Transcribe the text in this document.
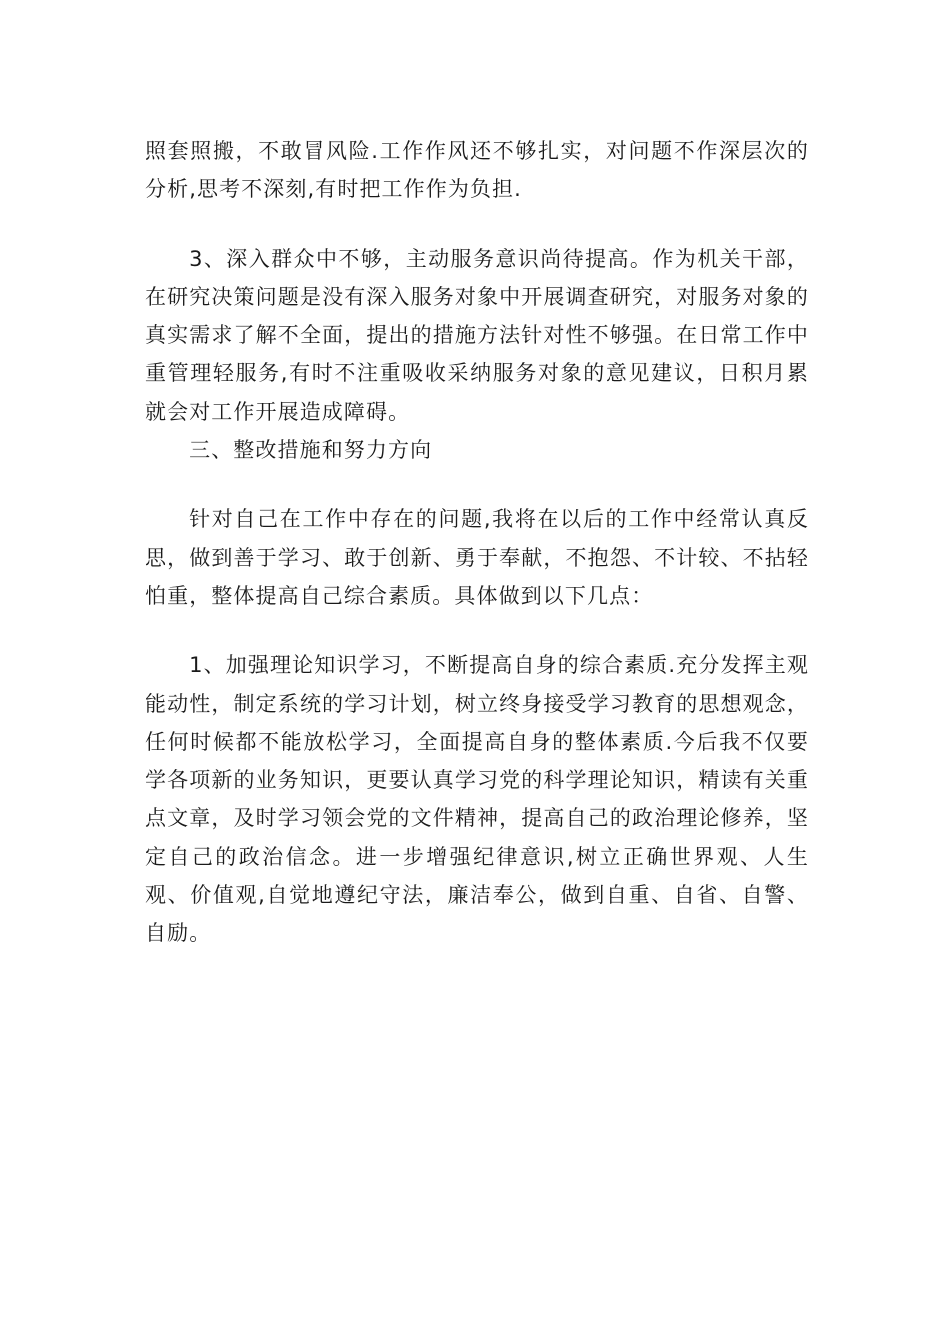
照套照搬，不敢冒风险.工作作风还不够扎实，对问题不作深层次的分析,思考不深刻,有时把工作作为负担.

3、深入群众中不够，主动服务意识尚待提高。作为机关干部，在研究决策问题是没有深入服务对象中开展调查研究，对服务对象的真实需求了解不全面，提出的措施方法针对性不够强。在日常工作中重管理轻服务,有时不注重吸收采纳服务对象的意见建议，日积月累就会对工作开展造成障碍。

三、整改措施和努力方向

针对自己在工作中存在的问题,我将在以后的工作中经常认真反思，做到善于学习、敢于创新、勇于奉献，不抱怨、不计较、不拈轻怕重，整体提高自己综合素质。具体做到以下几点：

1、加强理论知识学习，不断提高自身的综合素质.充分发挥主观能动性，制定系统的学习计划，树立终身接受学习教育的思想观念，任何时候都不能放松学习，全面提高自身的整体素质.今后我不仅要学各项新的业务知识，更要认真学习党的科学理论知识，精读有关重点文章，及时学习领会党的文件精神，提高自己的政治理论修养，坚定自己的政治信念。进一步增强纪律意识,树立正确世界观、人生观、价值观,自觉地遵纪守法，廉洁奉公，做到自重、自省、自警、自励。
